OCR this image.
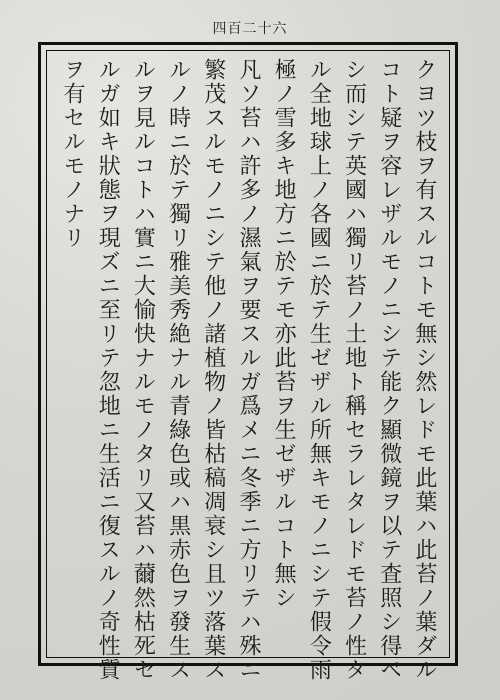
四百二十六
クヨツ枝ヲ有スルコトモ無シ然レドモ此葉ハ此苔ノ葉ダル
コト疑ヲ容レザルモノニシテ能ク顯微鏡ヲ以テ査照シ得ベ
シ而シテ英國ハ獨リ苔ノ土地ト稱セラレタレドモ苔ノ性タ
ル全地球上ノ各國ニ於テ生ゼザル所無キモノニシテ假令雨
極ノ雪多キ地方ニ於テモ亦此苔ヲ生ゼザルコト無シ
凡ソ苔ハ許多ノ濕氣ヲ要スルガ爲メニ冬季ニ方リテハ殊ニ
繁茂スルモノニシテ他ノ諸植物ノ皆枯稿凋衰シ且ツ落葉ス
ルノ時ニ於テ獨リ雅美秀絶ナル青綠色或ハ黒赤色ヲ發生ス
ルヲ見ルコトハ實ニ大愉快ナルモノタリ又苔ハ薾然枯死セ
ルガ如キ狀態ヲ現ズニ至リテ忽地ニ生活ニ復スルノ奇性質
ヲ有セルモノナリ
